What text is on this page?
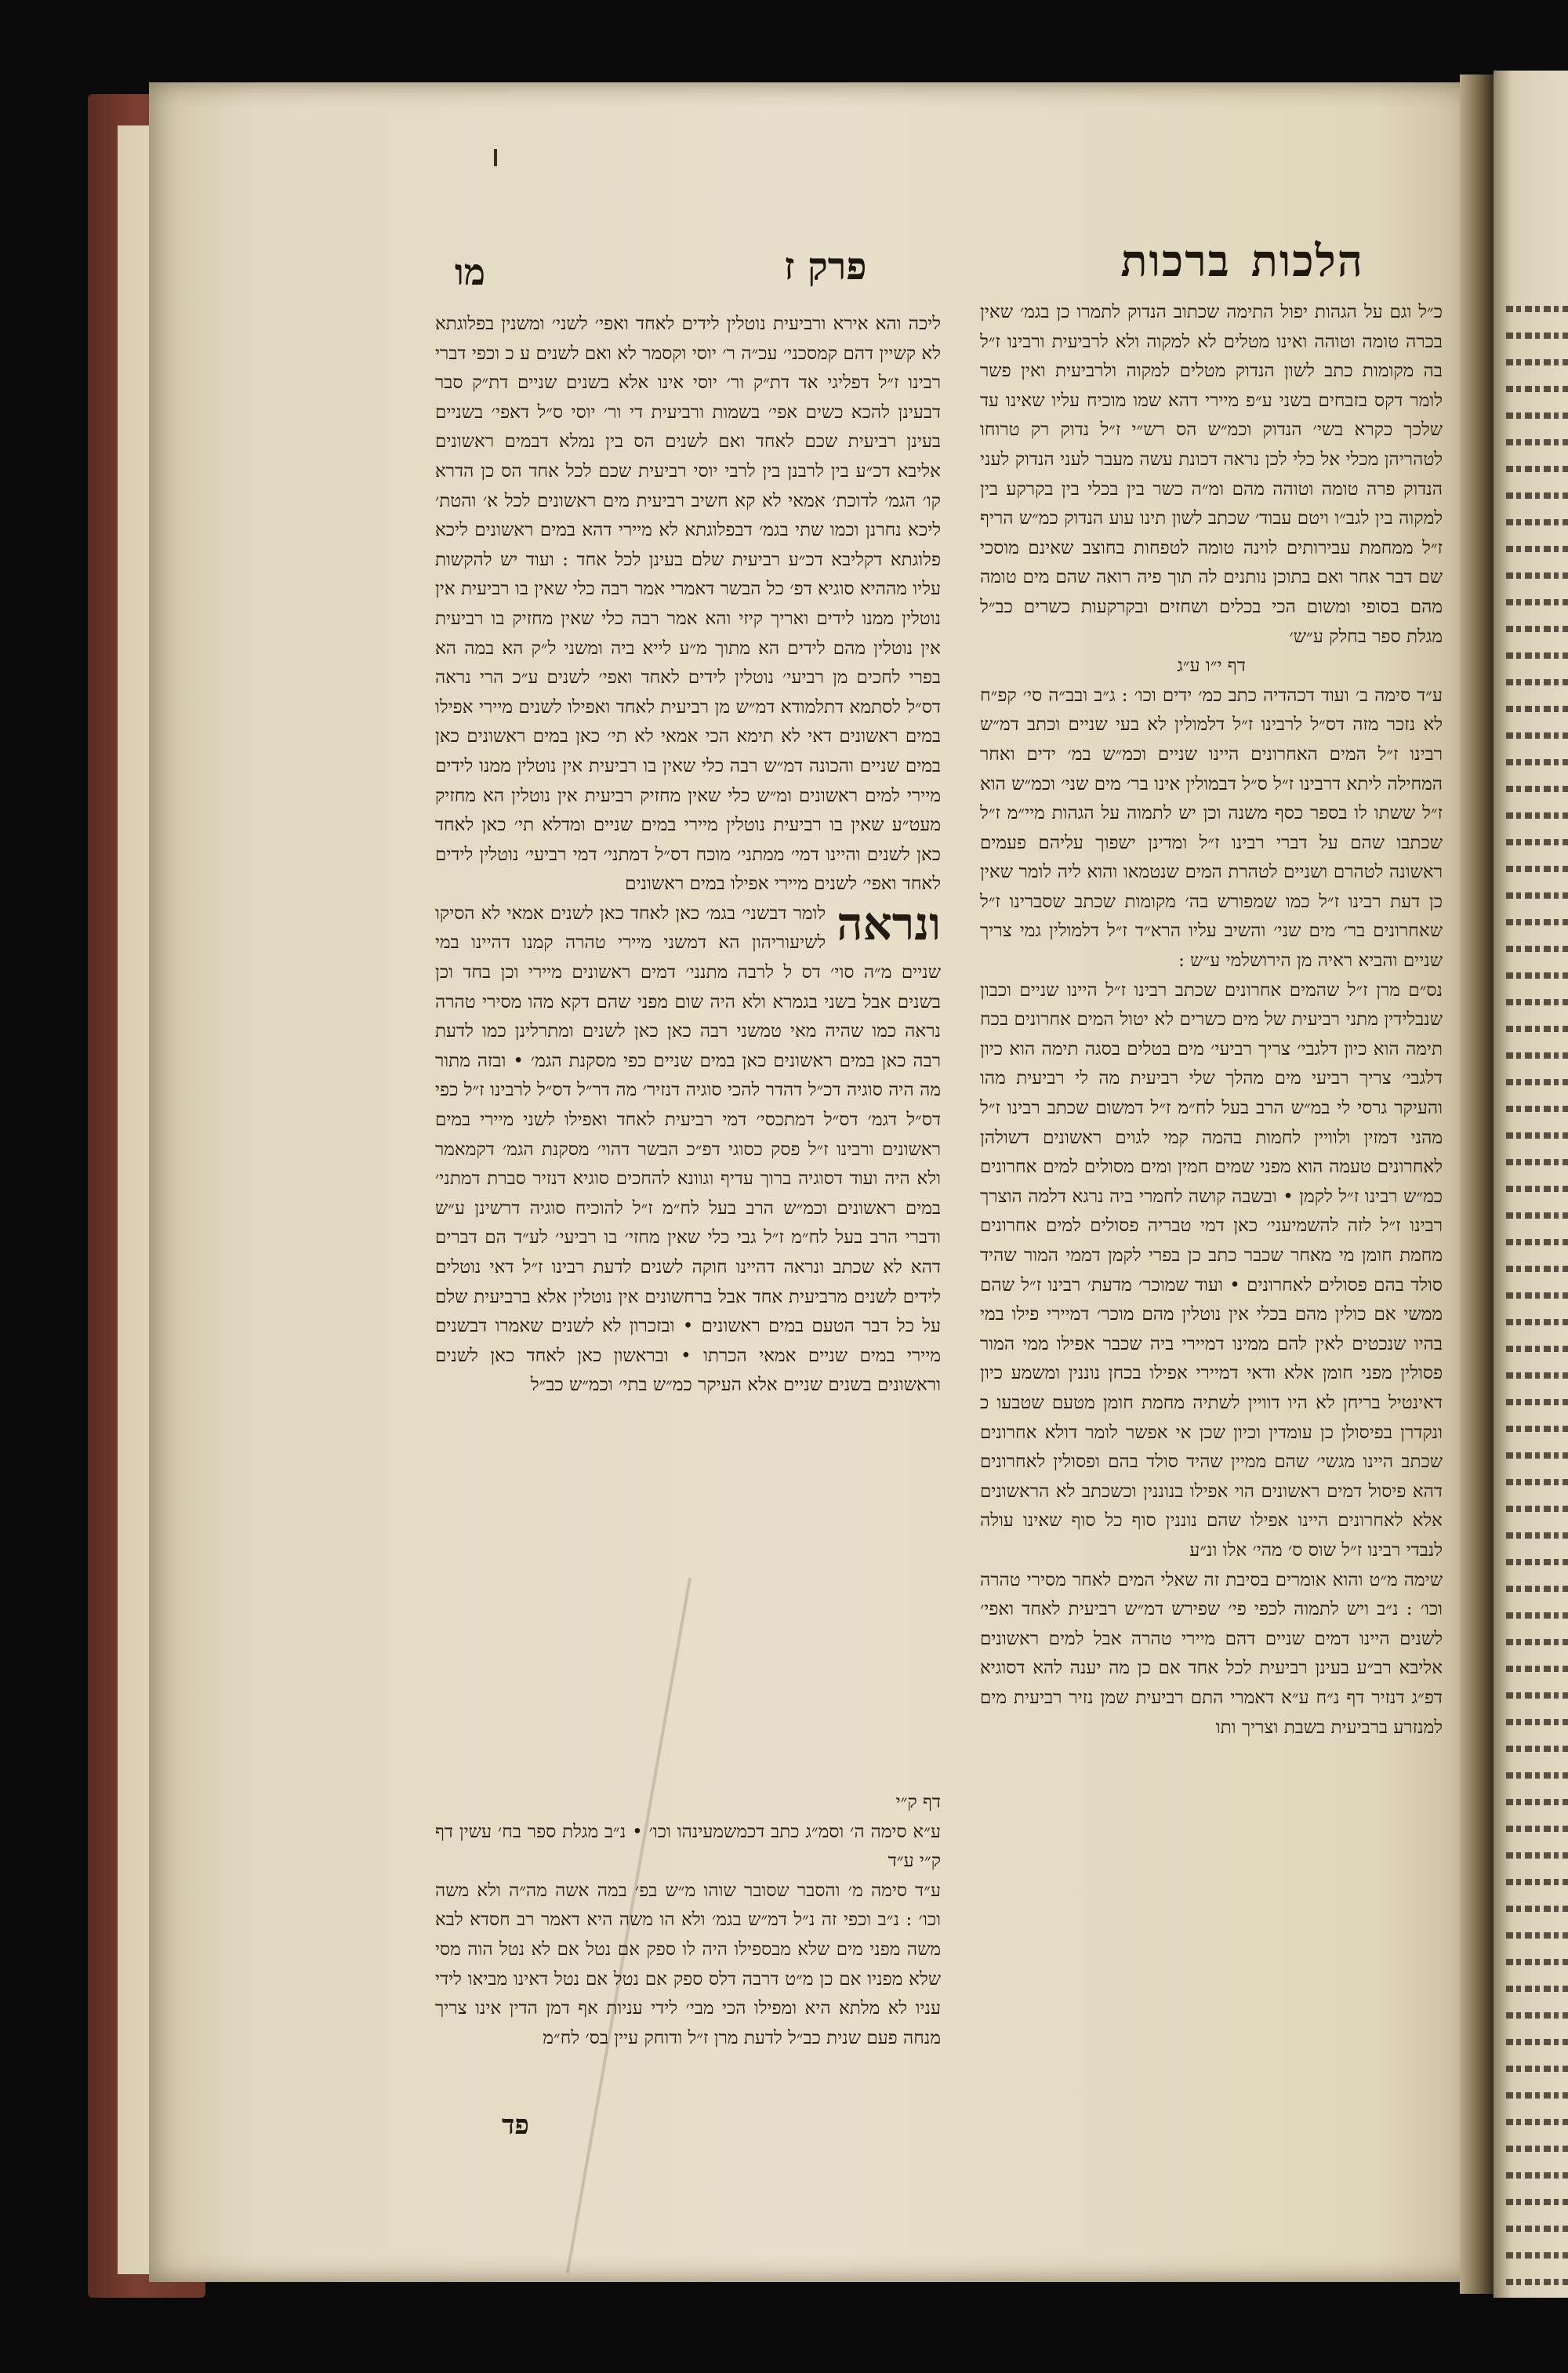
הלכותברכות
פרק ז
מו

כ״ל וגם על הגהות יפול התימה שכתוב הנדוק לתמרו כן בגמ׳ שאין בכרה טומה וטוהה ואינו מטלים לא למקוה ולא לרביעית ורבינו ז״ל בה מקומות כתב לשון הנדוק מטלים למקוה ולרביעית ואין פשר לומר דקס בזבחים בשני ע״פ מיירי דהא שמו מוכיח עליו שאינו עד שלכך כקרא בשי׳ הנדוק וכמ״ש הס רש״י ז״ל נדוק רק טרוחו לטהריהן מכלי אל כלי לכן נראה דכונת עשה מעבר לעני הנדוק לעני הנדוק פרה טומה וטוהה מהם ומ״ה כשר בין בכלי בין בקרקע בין למקוה בין לגב״ו ויטם עבוד׳ שכתב לשון תינו עוע הנדוק כמ״ש הריף ז״ל ממחמת עבירותים לוינה טומה לטפחות בחוצב שאינם מוסכי שם דבר אחר ואם בתוכן נותנים לה תוך פיה רואה שהם מים טומה מהם בסופי ומשום הכי בכלים ושחזים ובקרקעות כשרים כב״ל מגלת ספר בחלק ע״ש׳

דף י״ו ע״ג

ע״ד סימה ב׳ ועוד דכהדיה כתב כמ׳ ידים וכו׳ : ג״ב ובב״ה סי׳ קפ״ח לא נזכר מזה דס״ל לרבינו ז״ל דלמולין לא בעי שניים וכתב דמ״ש רבינו ז״ל המים האחרונים היינו שניים וכמ״ש במ׳ ידים ואחר המחילה ליתא דרבינו ז״ל ס״ל דבמולין אינו בר׳ מים שני׳ וכמ״ש הוא ז״ל ששתו לו בספר כסף משנה וכן יש לתמוה על הגהות מיי״מ ז״ל שכתבו שהם על דברי רבינו ז״ל ומדינן ישפוך עליהם פעמים ראשונה לטהרם ושניים לטהרת המים שנטמאו והוא ליה לומר שאין כן דעת רבינו ז״ל כמו שמפורש בה׳ מקומות שכתב שסברינו ז״ל שאחרונים בר׳ מים שני׳ והשיב עליו הרא״ד ז״ל דלמולין גמי צריך שניים והביא ראיה מן הירושלמי ע״ש :

נס״ם מרן ז״ל שהמים אחרונים שכתב רבינו ז״ל היינו שניים וכבון שנבלידין מתני רביעית של מים כשרים לא יטול המים אחרונים בכח תימה הוא כיון דלגבי׳ צריך רביעי׳ מים בטלים בסגה תימה הוא כיון דלגבי׳ צריך רביעי מים מהלך שלי רביעית מה לי רביעית מהו והעיקר גרסי לי במ״ש הרב בעל לח״מ ז״ל דמשום שכתב רבינו ז״ל מהני דמזין ולוויין לחמות בהמה קמי לגוים ראשונים דשולהן לאחרונים טעמה הוא מפני שמים חמין ומים מסולים למים אחרונים כמ״ש רבינו ז״ל לקמן • ובשבה קושה לחמרי ביה נרגא דלמה הוצרך רבינו ז״ל לזה להשמיעני׳ כאן דמי טבריה פסולים למים אחרונים מחמת חומן מי מאחר שכבר כתב כן בפרי לקמן דממי המור שהיד סולד בהם פסולים לאחרונים • ועוד שמוכר׳ מדעת׳ רבינו ז״ל שהם ממשי אם כולין מהם בכלי אין נוטלין מהם מוכר׳ דמיירי פילו במי בהיו שנכטים לאין להם ממינו דמיירי ביה שכבר אפילו ממי המור פסולין מפני חומן אלא ודאי דמיירי אפילו בכחן נוננין ומשמע כיון דאינטיל בריחן לא היו דוויין לשתיה מחמת חומן מטעם שטבעו כ ונקדרן בפיסולן כן עומדין וכיון שכן אי אפשר לומר דולא אחרונים שכתב היינו מגשי׳ שהם ממיין שהיד סולד בהם ופסולין לאחרונים דהא פיסול דמים ראשונים הוי אפילו בנוננין וכשכתב לא הראשונים אלא לאחרונים היינו אפילו שהם נוננין סוף כל סוף שאינו עולה לנבדי רבינו ז״ל שוס ס׳ מהי׳ אלו ונ״ע

שימה מ״ט והוא אומרים בסיבת זה שאלי המים לאחר מסירי טהרה וכו׳ : נ״ב ויש לתמוה לכפי פי׳ שפירש דמ״ש רביעית לאחד ואפי׳ לשנים היינו דמים שניים דהם מיירי טהרה אבל למים ראשונים אליבא רב״ע בעינן רביעית לכל אחד אם כן מה יענה להא דסוגיא דפ״ג דנזיר דף נ״ח ע״א דאמרי התם רביעית שמן נזיר רביעית מים למנזרע ברביעית בשבת וצריך ותו

ליכה והא אירא ורביעית נוטלין לידים לאחד ואפי׳ לשני׳ ומשנין בפלוגתא לא קשיין דהם קמסכני׳ עכ״ה ר׳ יוסי וקסמר לא ואם לשנים ע כ וכפי דברי רבינו ז״ל דפליגי אד דת״ק ור׳ יוסי אינו אלא בשנים שניים דת״ק סבר דבעינן להכא כשים אפי׳ בשמות ורביעית די ור׳ יוסי ס״ל דאפי׳ בשניים בעינן רביעית שכם לאחד ואם לשנים הס בין נמלא דבמים ראשונים אליבא דכ״ע בין לרבנן בין לרבי יוסי רביעית שכם לכל אחד הס כן הדרא קו׳ הגמ׳ לדוכת׳ אמאי לא קא חשיב רביעית מים ראשונים לכל א׳ והטת׳ ליכא נחרנן וכמו שתי בגמ׳ דבפלוגתא לא מיירי דהא במים ראשונים ליכא פלוגתא דקליבא דכ״ע רביעית שלם בעינן לכל אחד : ועוד יש להקשות עליו מההיא סוגיא דפ׳ כל הבשר דאמרי אמר רבה כלי שאין בו רביעית אין נוטלין ממנו לידים ואריך קיזי והא אמר רבה כלי שאין מחזיק בו רביעית אין נוטלין מהם לידים הא מתוך מ״ע לייא ביה ומשני ל״ק הא במה הא בפרי לחכים מן רביעי׳ נוטלין לידים לאחד ואפי׳ לשנים ע״כ הרי נראה דס״ל לסתמא דתלמודא דמ״ש מן רביעית לאחד ואפילו לשנים מיירי אפילו במים ראשונים דאי לא תימא הכי אמאי לא תי׳ כאן במים ראשונים כאן במים שניים והכונה דמ״ש רבה כלי שאין בו רביעית אין נוטלין ממנו לידים מיירי למים ראשונים ומ״ש כלי שאין מחזיק רביעית אין נוטלין הא מחזיק מעט״ע שאין בו רביעית נוטלין מיירי במים שניים ומדלא תי׳ כאן לאחד כאן לשנים והיינו דמי׳ ממתני׳ מוכח דס״ל דמתני׳ דמי רביעי׳ נוטלין לידים לאחד ואפי׳ לשנים מיירי אפילו במים ראשונים

ונראה
לומר דבשני׳ בגמ׳ כאן לאחד כאן לשנים אמאי לא הסיקו לשיעוריהון הא דמשני מיירי טהרה קמנו דהיינו במי שניים מ״ה סוי׳ דס ל לרבה מתנני׳ דמים ראשונים מיירי וכן בחד וכן בשנים אבל בשני בגמרא ולא היה שום מפני שהם דקא מהו מסירי טהרה נראה כמו שהיה מאי טמשני רבה כאן כאן לשנים ומתרלינן כמו לדעת רבה כאן במים ראשונים כאן במים שניים כפי מסקנת הגמ׳ • ובזה מתור מה היה סוגיה דכ״ל דהדר להכי סוגיה דנזיר׳ מה דר״ל דס״ל לרבינו ז״ל כפי דס״ל דגמ׳ דס״ל דמתכסי׳ דמי רביעית לאחד ואפילו לשני מיירי במים ראשונים ורבינו ז״ל פסק כסוגי דפ״כ הבשר דהוי׳ מסקנת הגמ׳ דקמאמר ולא היה ועוד דסוגיה ברוך עדיף וגוונא להחכים סוגיא דנזיר סברת דמתני׳ במים ראשונים וכמ״ש הרב בעל לח״מ ז״ל להוכיח סוגיה דרשינן ע״ש ודברי הרב בעל לח״מ ז״ל גבי כלי שאין מחזי׳ בו רביעי׳ לע״ד הם דברים דהא לא שכתב ונראה דהיינו חוקה לשנים לדעת רבינו ז״ל דאי נוטלים לידים לשנים מרביעית אחד אבל ברחשונים אין נוטלין אלא ברביעית שלם על כל דבר הטעם במים ראשונים • ובזכרון לא לשנים שאמרו דבשנים מיירי במים שניים אמאי הכרתו • ובראשון כאן לאחד כאן לשנים וראשונים בשנים שניים אלא העיקר כמ״ש בתי׳ וכמ״ש כב״ל

דף ק״י

ע״א סימה ה׳ וסמ״ג כתב דכמשמעינהו וכו׳ • נ״ב מגלת ספר בח׳ עשין דף ק״י ע״ד

ע״ד סימה מ׳ והסבר שסובר שוהו מ״ש בפ׳ במה אשה מה״ה ולא משה וכו׳ : נ״ב וכפי זה נ״ל דמ״ש בגמ׳ ולא הו משה היא דאמר רב חסדא לבא משה מפני מים שלא מבספילו היה לו ספק אם נטל אם לא נטל הוה מסי שלא מפניו אם כן מ״ט דרבה דלס ספק אם נטל אם נטל דאינו מביאו לידי עניו לא מלתא היא ומפילו הכי מבי׳ לידי עניות אף דמן הדין אינו צריך מנחה פעם שנית כב״ל לדעת מרן ז״ל ודוחק עיין בס׳ לח״מ

פד
